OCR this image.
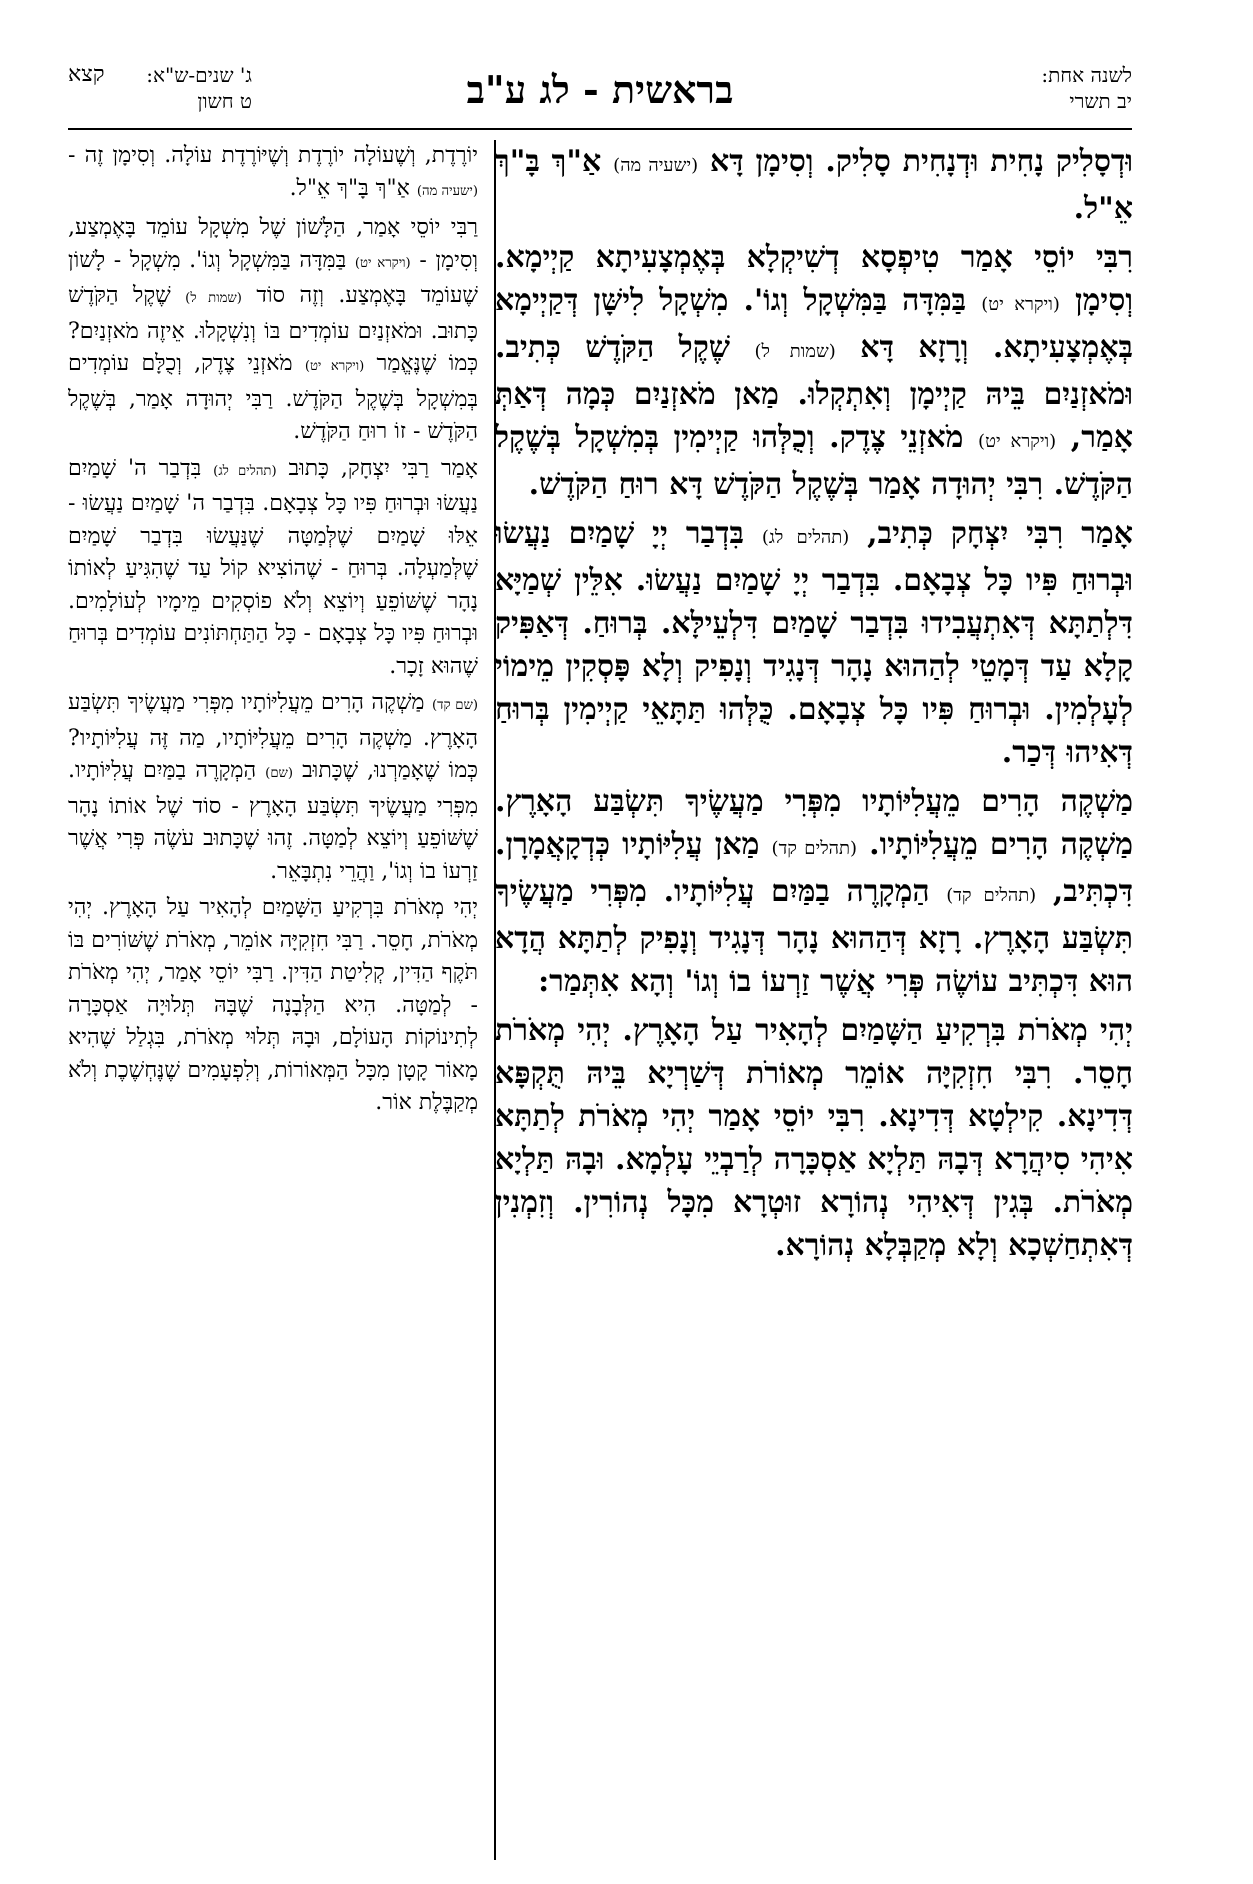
לשנה אחת:
יב תשרי
בראשית - לג ע"ב
ג' שנים-ש"א:
ט חשון
קצא

וּדְסָלִיק נָחִית וּדְנָחִית סָלִיק. וְסִימָן דָּא (ישעיה מה) אַ"ךְ בָּ"ךְ אֵ"ל.

רִבִּי יוֹסֵי אָמַר טִיפְסָא דְשִׁיקְלָא בְּאֶמְצָעִיתָא קַיְימָא. וְסִימָן (ויקרא יט) בַּמִּדָּה בַּמִּשְׁקָל וְגוֹ'. מִשְׁקָל לִישָּׁן דְּקַיְימָא בְּאֶמְצָעִיתָא. וְרָזָא דָּא (שמות ל) שֶׁקֶל הַקֹּדֶשׁ כְּתִיב. וּמֹאזְנַיִם בֵּיהּ קַיְימָן וְאִתְקְלוּ. מַאן מֹאזְנַיִם כְּמָה דְּאַתְּ אָמַר, (ויקרא יט) מֹאזְנֵי צֶדֶק. וְכֻלְּהוּ קַיְימִין בְּמִשְׁקָל בְּשֶׁקֶל הַקֹּדֶשׁ. רִבִּי יְהוּדָה אָמַר בְּשֶׁקֶל הַקֹּדֶשׁ דָּא רוּחַ הַקֹּדֶשׁ.

אָמַר רִבִּי יִצְחָק כְּתִיב, (תהלים לג) בִּדְבַר יְיָ שָׁמַיִם נַעֲשׂוּ וּבְרוּחַ פִּיו כָּל צְבָאָם. בִּדְבַר יְיָ שָׁמַיִם נַעֲשׂוּ. אִלֵּין שְׁמַיָּא דִּלְתַתָּא דְּאִתְעֲבִידוּ בִּדְבַר שָׁמַיִם דִּלְעֵילָּא. בְּרוּחַ. דְּאַפִּיק קָלָא עַד דְּמָטֵי לְהַהוּא נָהָר דְּנָגִיד וְנָפִיק וְלָא פָּסְקִין מֵימוֹי לְעָלְמִין. וּבְרוּחַ פִּיו כָּל צְבָאָם. כֻּלְּהוּ תַּתָּאֵי קַיְימִין בְּרוּחַ דְּאִיהוּ דְּכַר.

מַשְׁקֶה הָרִים מֵעֲלִיּוֹתָיו מִפְּרִי מַעֲשֶׂיךָ תִּשְׂבַּע הָאָרֶץ. מַשְׁקֶה הָרִים מֵעֲלִיּוֹתָיו. (תהלים קד) מַאן עֲלִיּוֹתָיו כְּדְקָאֲמָרָן. דִּכְתִּיב, (תהלים קד) הַמְקָרֶה בַמַּיִם עֲלִיּוֹתָיו. מִפְּרִי מַעֲשֶׂיךָ תִּשְׂבַּע הָאָרֶץ. רָזָא דְּהַהוּא נָהָר דְּנָגִיד וְנָפִיק לְתַתָּא הֲדָא הוּא דִּכְתִּיב עוֹשֶׂה פְּרִי אֲשֶׁר זַרְעוֹ בוֹ וְגוֹ' וְהָא אִתְּמַר:

יְהִי מְאֹרֹת בִּרְקִיעַ הַשָּׁמַיִם לְהָאִיר עַל הָאָרֶץ. יְהִי מְאֹרֹת חָסֵר. רִבִּי חִזְקִיָּה אוֹמֵר מְאוֹרֹת דְּשַׁרְיָא בֵּיהּ תֻּקְפָּא דְּדִינָא. קִילְטָא דְּדִינָא. רִבִּי יוֹסֵי אָמַר יְהִי מְאֹרֹת לְתַתָּא אִיהִי סִיהֲרָא דְּבָהּ תַּלְיָא אַסְכָּרָה לְרַבְיֵי עָלְמָא. וּבָהּ תַּלְיָא מְאֹרֹת. בְּגִין דְּאִיהִי נְהוֹרָא זוּטְרָא מִכָּל נְהוֹרִין. וְזִמְנִין דְּאִתְחַשְׁכָא וְלָא מְקַבְּלָא נְהוֹרָא.

יוֹרֶדֶת, וְשֶׁעוֹלָה יוֹרֶדֶת וְשֶׁיּוֹרֶדֶת עוֹלָה. וְסִימָן זֶה - (ישעיה מה) אַ"ךְ בָּ"ךְ אֵ"ל.

רַבִּי יוֹסֵי אָמַר, הַלָּשׁוֹן שֶׁל מִשְׁקָל עוֹמֵד בָּאֶמְצַע, וְסִימָן - (ויקרא יט) בַּמִּדָּה בַּמִּשְׁקָל וְגוֹ'. מִשְׁקָל - לָשׁוֹן שֶׁעוֹמֵד בָּאֶמְצַע. וְזֶה סוֹד (שמות ל) שֶׁקֶל הַקֹּדֶשׁ כָּתוּב. וּמֹאזְנַיִם עוֹמְדִים בּוֹ וְנִשְׁקָלוּ. אֵיזֶה מֹאזְנַיִם? כְּמוֹ שֶׁנֶּאֱמַר (ויקרא יט) מֹאזְנֵי צֶדֶק, וְכֻלָּם עוֹמְדִים בְּמִשְׁקָל בְּשֶׁקֶל הַקֹּדֶשׁ. רַבִּי יְהוּדָה אָמַר, בְּשֶׁקֶל הַקֹּדֶשׁ - זוֹ רוּחַ הַקֹּדֶשׁ.

אָמַר רַבִּי יִצְחָק, כָּתוּב (תהלים לג) בִּדְבַר ה' שָׁמַיִם נַעֲשׂוּ וּבְרוּחַ פִּיו כָּל צְבָאָם. בִּדְבַר ה' שָׁמַיִם נַעֲשׂוּ - אֵלּוּ שָׁמַיִם שֶׁלְּמַטָּה שֶׁנַּעֲשׂוּ בִּדְבַר שָׁמַיִם שֶׁלְּמַעְלָה. בְּרוּחַ - שֶׁהוֹצִיא קוֹל עַד שֶׁהִגִּיעַ לְאוֹתוֹ נָהָר שֶׁשּׁוֹפֵעַ וְיוֹצֵא וְלֹא פוֹסְקִים מֵימָיו לְעוֹלָמִים. וּבְרוּחַ פִּיו כָּל צְבָאָם - כָּל הַתַּחְתּוֹנִים עוֹמְדִים בְּרוּחַ שֶׁהוּא זָכָר.

(שם קד) מַשְׁקֶה הָרִים מֵעֲלִיּוֹתָיו מִפְּרִי מַעֲשֶׂיךָ תִּשְׂבַּע הָאָרֶץ. מַשְׁקֶה הָרִים מֵעֲלִיּוֹתָיו, מַה זֶּה עֲלִיּוֹתָיו? כְּמוֹ שֶׁאָמַרְנוּ, שֶׁכָּתוּב (שם) הַמְקָרֶה בַמַּיִם עֲלִיּוֹתָיו. מִפְּרִי מַעֲשֶׂיךָ תִּשְׂבַּע הָאָרֶץ - סוֹד שֶׁל אוֹתוֹ נָהָר שֶׁשּׁוֹפֵעַ וְיוֹצֵא לְמַטָּה. זֶהוּ שֶׁכָּתוּב עֹשֶׂה פְּרִי אֲשֶׁר זַרְעוֹ בוֹ וְגוֹ', וַהֲרֵי נִתְבָּאֵר.

יְהִי מְאֹרֹת בִּרְקִיעַ הַשָּׁמַיִם לְהָאִיר עַל הָאָרֶץ. יְהִי מְאֹרֹת, חָסֵר. רַבִּי חִזְקִיָּה אוֹמֵר, מְאֹרֹת שֶׁשּׁוֹרִים בּוֹ תֹּקֶף הַדִּין, קְלִיטַת הַדִּין. רַבִּי יוֹסֵי אָמַר, יְהִי מְאֹרֹת - לְמַטָּה. הִיא הַלְּבָנָה שֶׁבָּהּ תְּלוּיָה אַסְכָּרָה לְתִינוֹקוֹת הָעוֹלָם, וּבָהּ תְּלוּי מְאֹרֹת, בִּגְלַל שֶׁהִיא מָאוֹר קָטָן מִכָּל הַמְּאוֹרוֹת, וְלִפְעָמִים שֶׁנֶּחְשֶׁכֶת וְלֹא מְקַבֶּלֶת אוֹר.
